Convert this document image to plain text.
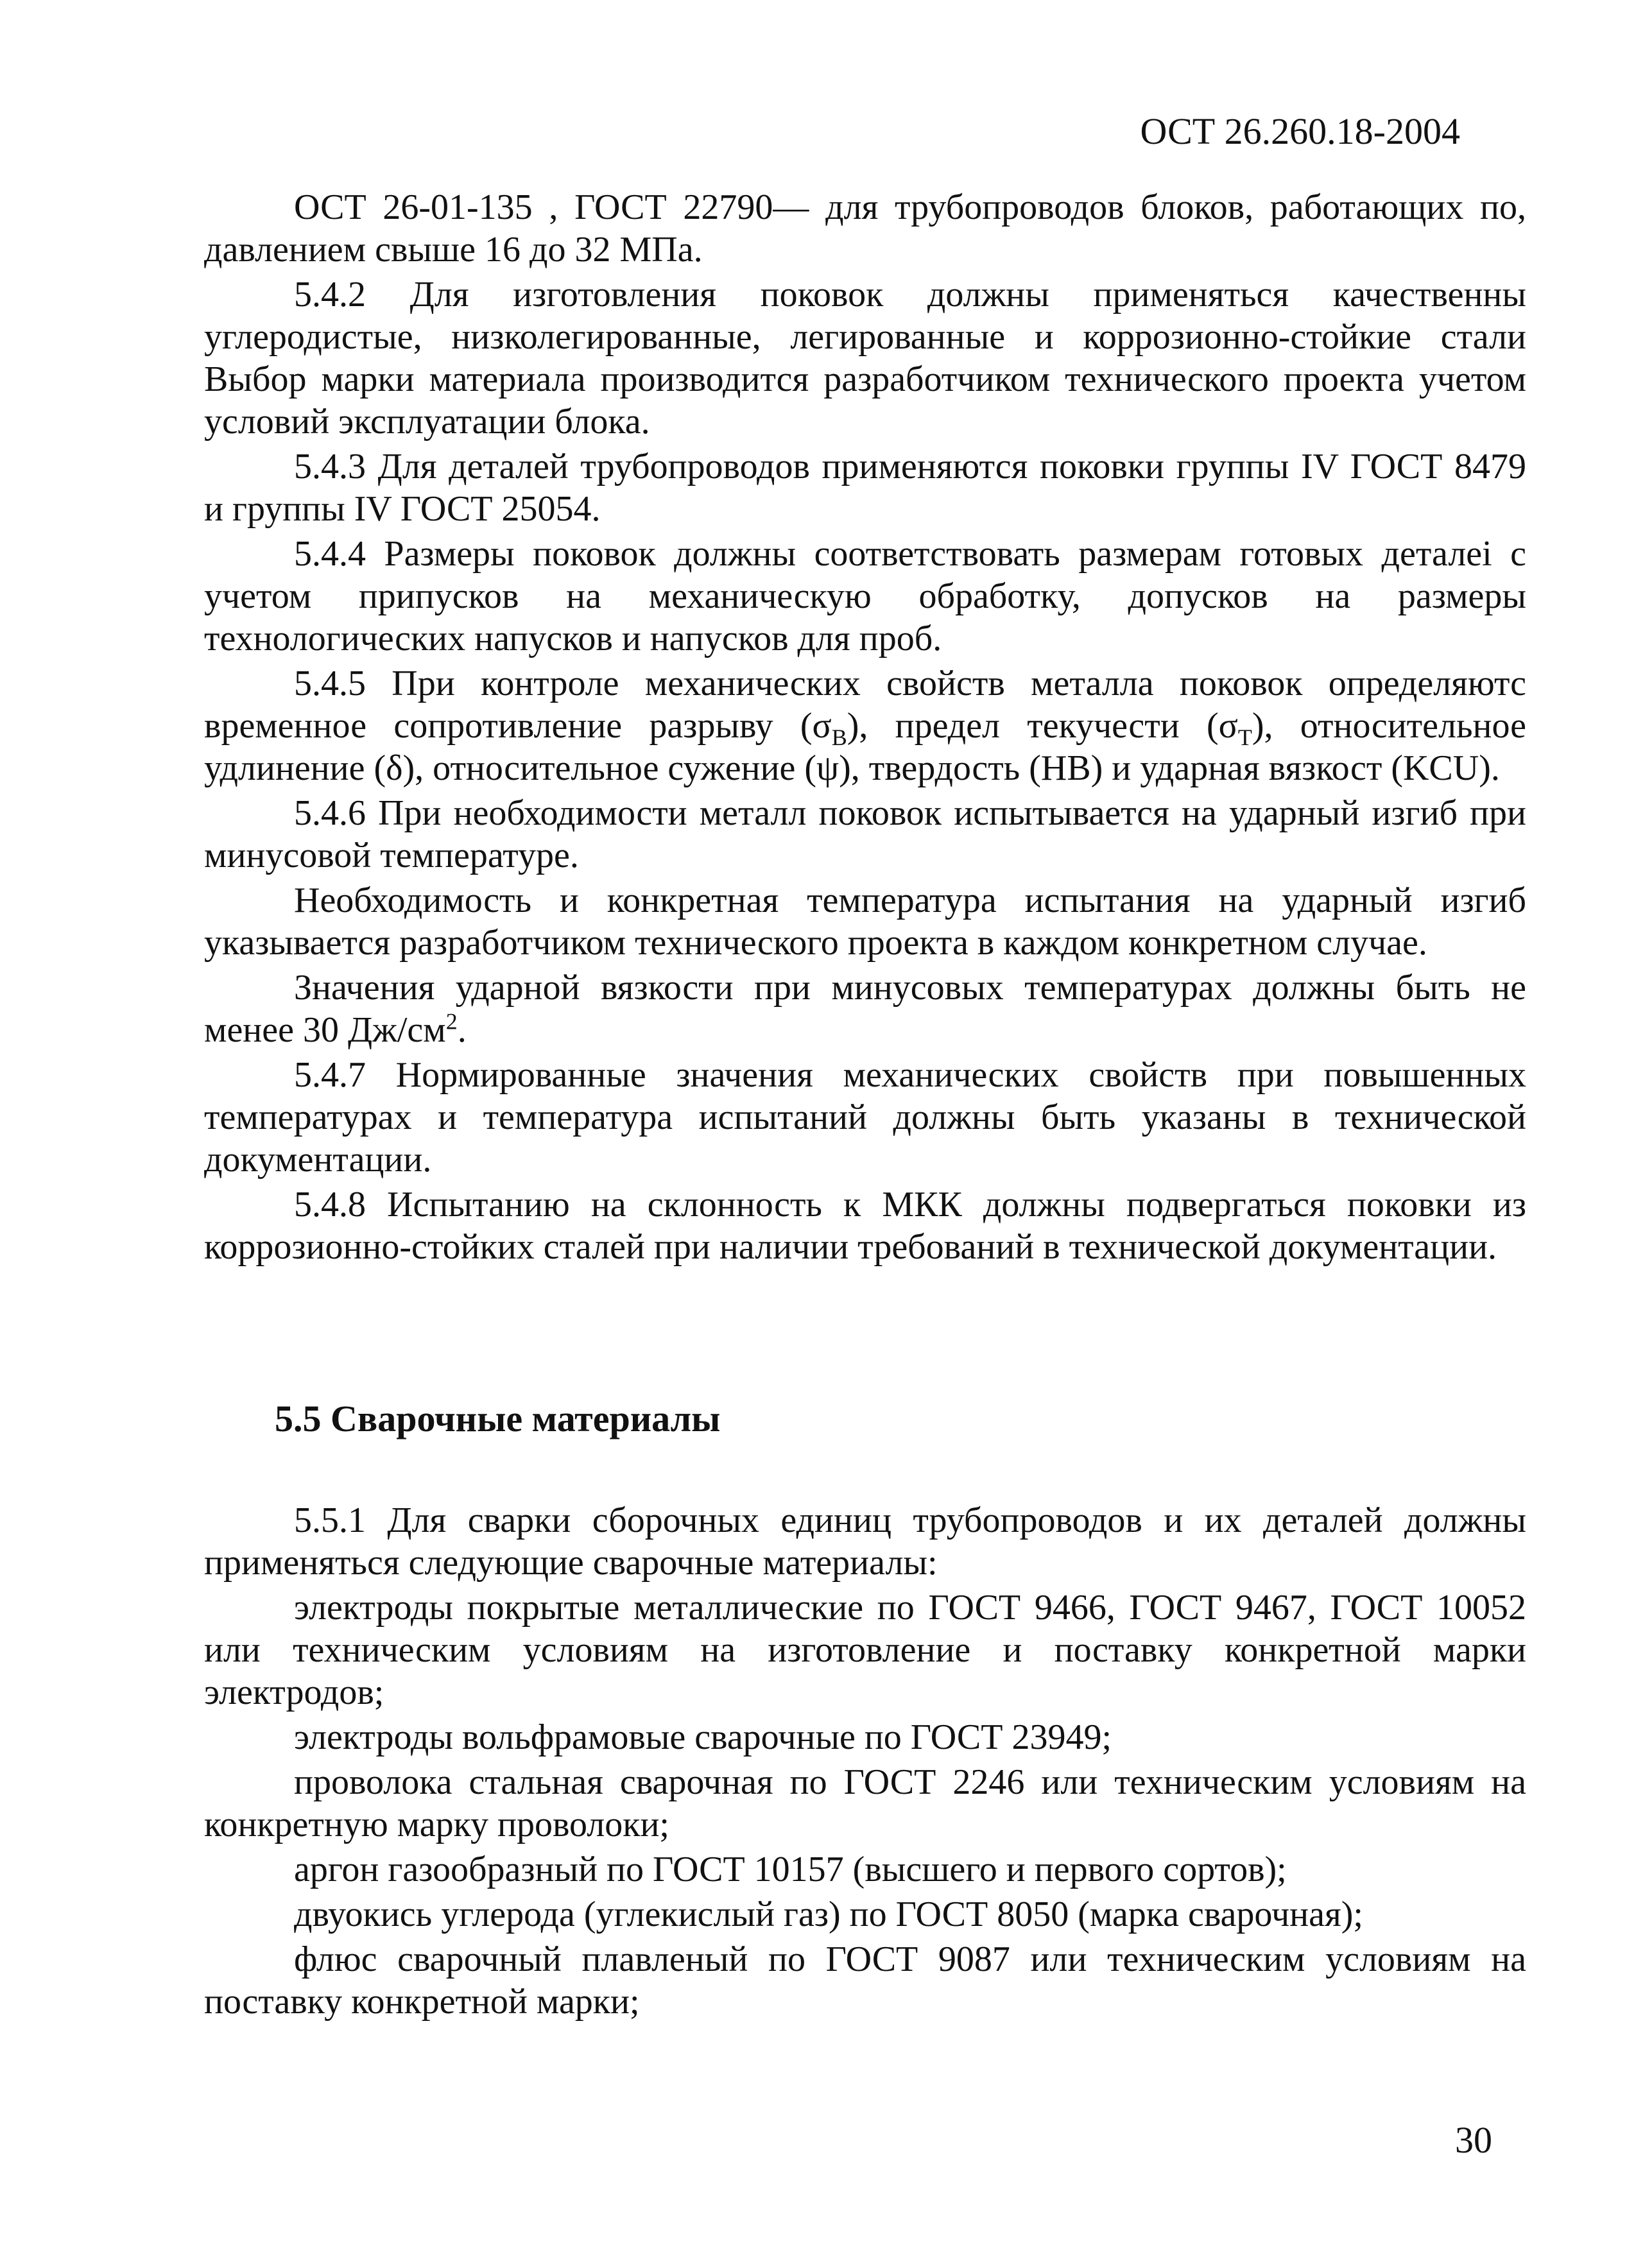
ОСТ 26.260.18-2004

ОСТ 26-01-135 , ГОСТ 22790— для трубопроводов блоков, работающих по, давлением свыше 16 до 32 МПа.

5.4.2 Для изготовления поковок должны применяться качественны углеродистые, низколегированные, легированные и коррозионно-стойкие стали Выбор марки материала производится разработчиком технического проекта учетом условий эксплуатации блока.

5.4.3 Для деталей трубопроводов применяются поковки группы IV ГОСТ 8479 и группы IV ГОСТ 25054.

5.4.4 Размеры поковок должны соответствовать размерам готовых деталеі с учетом припусков на механическую обработку, допусков на размеры технологических напусков и напусков для проб.

5.4.5 При контроле механических свойств металла поковок определяютс временное сопротивление разрыву $(\sigma_В)$, предел текучести $(\sigma_Т)$, относительное удлинение (δ), относительное сужение (ψ), твердость (НВ) и ударная вязкост (KCU).

5.4.6 При необходимости металл поковок испытывается на ударный изгиб при минусовой температуре.

Необходимость и конкретная температура испытания на ударный изгиб указывается разработчиком технического проекта в каждом конкретном случае.

Значения ударной вязкости при минусовых температурах должны быть не менее 30 $Дж/см^2$.

5.4.7 Нормированные значения механических свойств при повышенных температурах и температура испытаний должны быть указаны в технической документации.

5.4.8 Испытанию на склонность к МКК должны подвергаться поковки из коррозионно-стойких сталей при наличии требований в технической документации.

5.5 Сварочные материалы

5.5.1 Для сварки сборочных единиц трубопроводов и их деталей должны применяться следующие сварочные материалы:

электроды покрытые металлические по ГОСТ 9466, ГОСТ 9467, ГОСТ 10052 или техническим условиям на изготовление и поставку конкретной марки электродов;

электроды вольфрамовые сварочные по ГОСТ 23949;

проволока стальная сварочная по ГОСТ 2246 или техническим условиям на конкретную марку проволоки;

аргон газообразный по ГОСТ 10157 (высшего и первого сортов);

двуокись углерода (углекислый газ) по ГОСТ 8050 (марка сварочная);

флюс сварочный плавленый по ГОСТ 9087 или техническим условиям на поставку конкретной марки;

30
